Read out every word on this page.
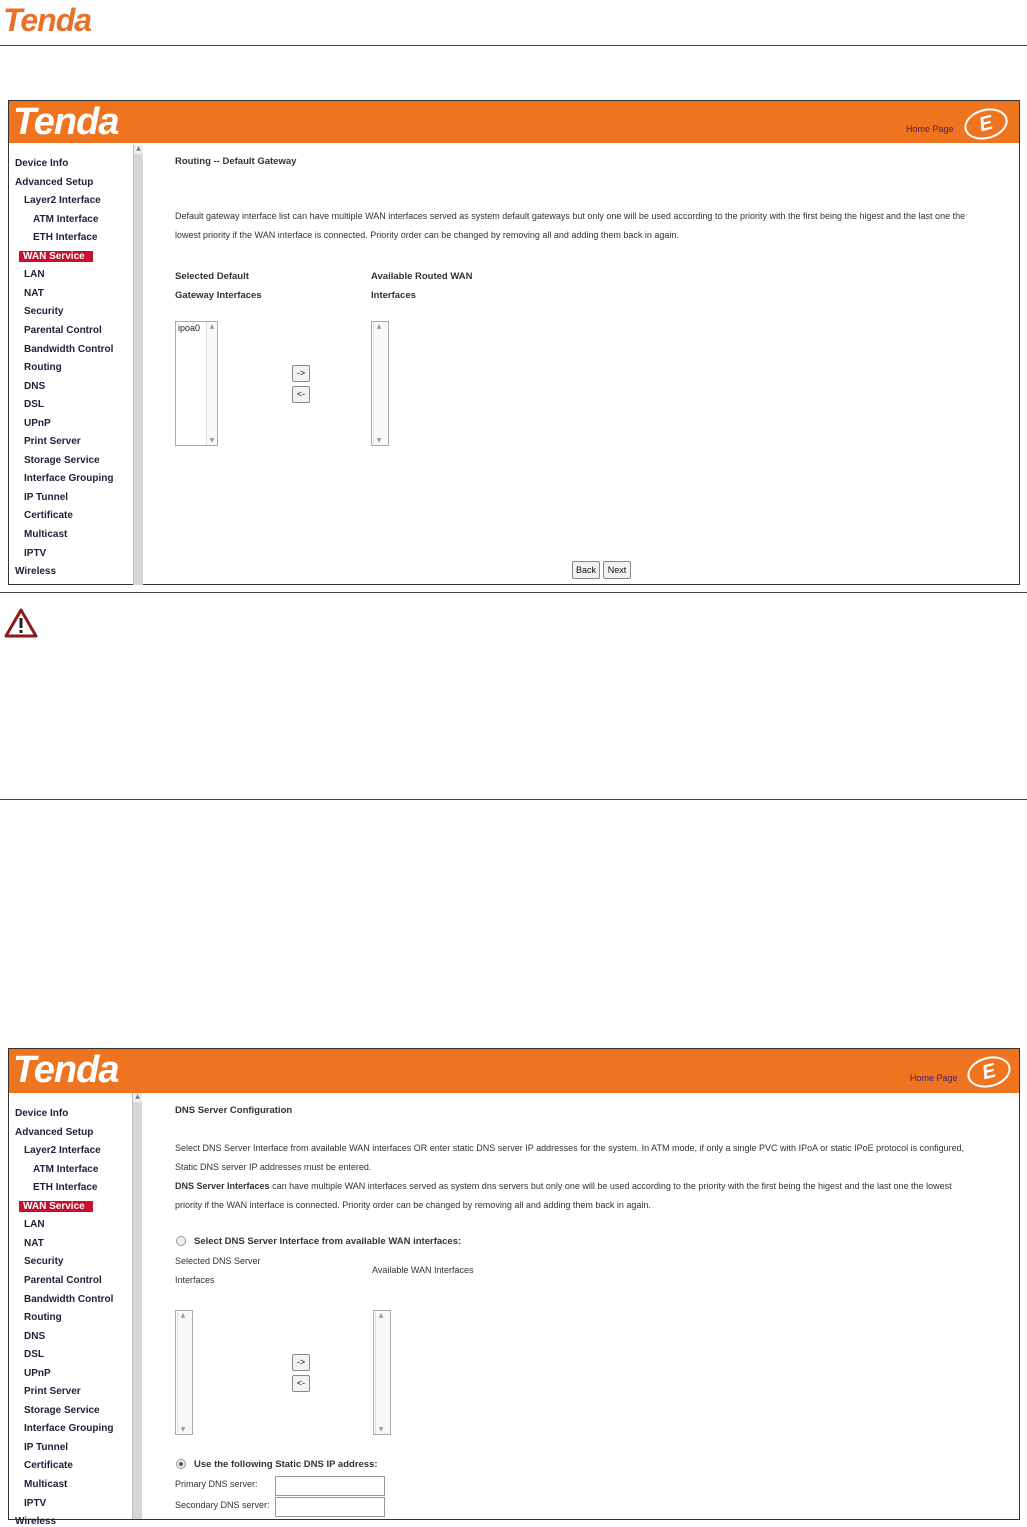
Tenda
Tenda	Home Page	E
Device Info
Advanced Setup
Layer2 Interface
ATM Interface
ETH Interface
WAN Service
LAN
NAT
Security
Parental Control
Bandwidth Control
Routing
DNS
DSL
UPnP
Print Server
Storage Service
Interface Grouping
IP Tunnel
Certificate
Multicast
IPTV
Wireless
▲
Routing -- Default Gateway
Default gateway interface list can have multiple WAN interfaces served as system default gateways but only one will be used according to the priority with the first being the higest and the last one the
lowest priority if the WAN interface is connected. Priority order can be changed by removing all and adding them back in again.
Selected Default
Gateway Interfaces
Available Routed WAN
Interfaces
ipoa0	▲
▼
->
<-
▲
▼
Back	Next
Tenda	Home Page	E
Device Info
Advanced Setup
Layer2 Interface
ATM Interface
ETH Interface
WAN Service
LAN
NAT
Security
Parental Control
Bandwidth Control
Routing
DNS
DSL
UPnP
Print Server
Storage Service
Interface Grouping
IP Tunnel
Certificate
Multicast
IPTV
Wireless
▲
DNS Server Configuration
Select DNS Server Interface from available WAN interfaces OR enter static DNS server IP addresses for the system. In ATM mode, if only a single PVC with IPoA or static IPoE protocol is configured,
Static DNS server IP addresses must be entered.
DNS Server Interfaces can have multiple WAN interfaces served as system dns servers but only one will be used according to the priority with the first being the higest and the last one the lowest
priority if the WAN interface is connected. Priority order can be changed by removing all and adding them back in again.
Select DNS Server Interface from available WAN interfaces:
Selected DNS Server
Interfaces
Available WAN Interfaces
▲
▼
->
<-
▲
▼
Use the following Static DNS IP address:
Primary DNS server:
Secondary DNS server:
